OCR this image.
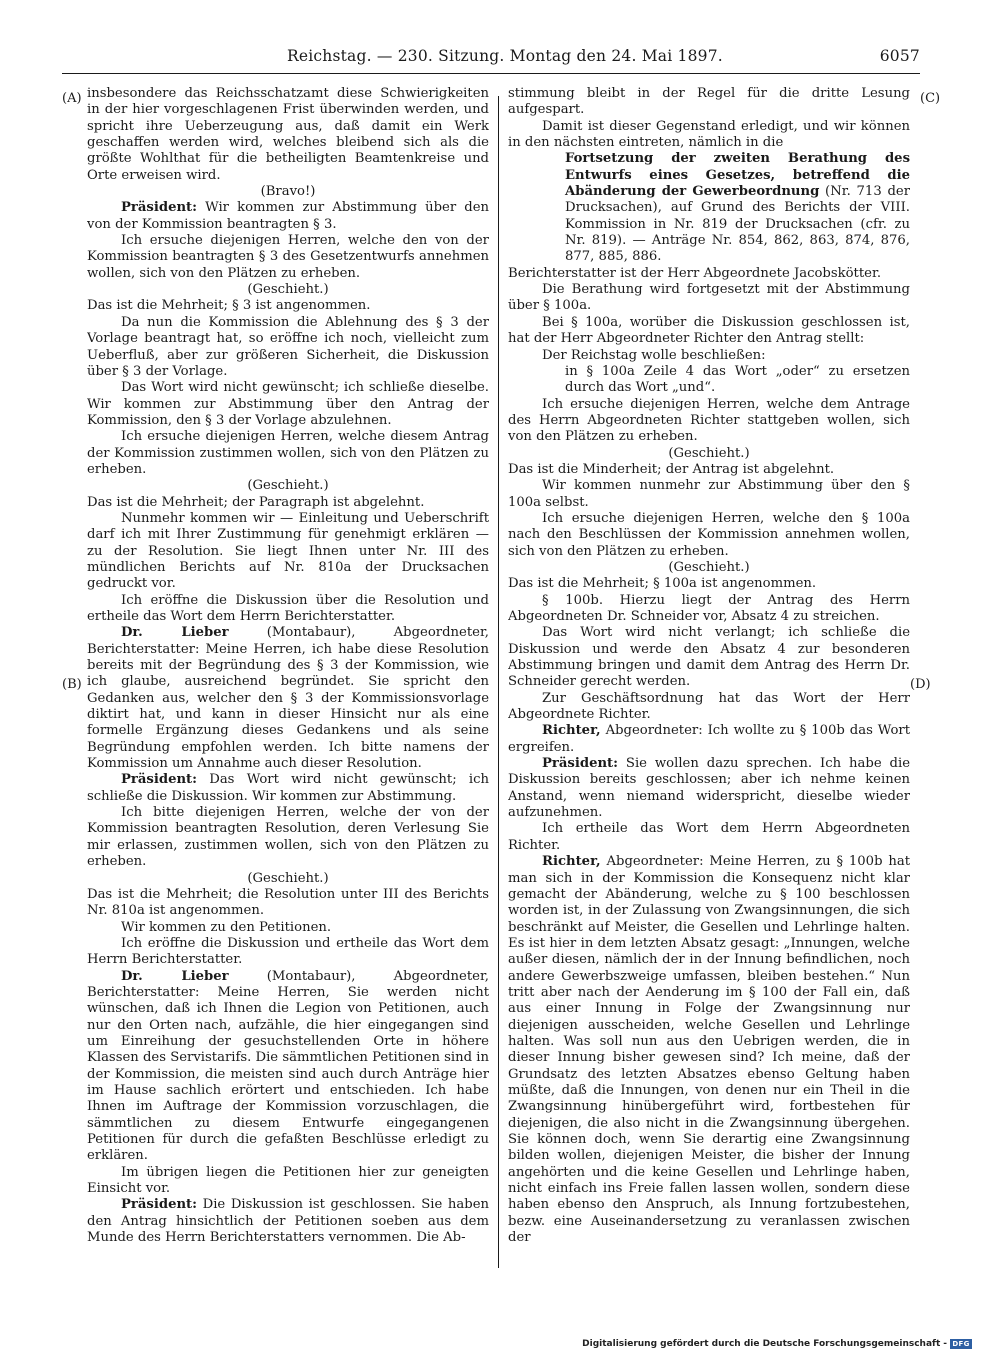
Reichstag. — 230. Sitzung. Montag den 24. Mai 1897.	6057
(A)
(B)
(C)
(D)

insbesondere das Reichsschatzamt diese Schwierigkeiten in der hier vorgeschlagenen Frist überwinden werden, und spricht ihre Ueberzeugung aus, daß damit ein Werk geschaffen werden wird, welches bleibend sich als die größte Wohlthat für die betheiligten Beamtenkreise und Orte erweisen wird.

(Bravo!)

Präsident: Wir kommen zur Abstimmung über den von der Kommission beantragten § 3.

Ich ersuche diejenigen Herren, welche den von der Kommission beantragten § 3 des Gesetzentwurfs annehmen wollen, sich von den Plätzen zu erheben.

(Geschieht.)

Das ist die Mehrheit; § 3 ist angenommen.

Da nun die Kommission die Ablehnung des § 3 der Vorlage beantragt hat, so eröffne ich noch, vielleicht zum Ueberfluß, aber zur größeren Sicherheit, die Diskussion über § 3 der Vorlage.

Das Wort wird nicht gewünscht; ich schließe dieselbe. Wir kommen zur Abstimmung über den Antrag der Kommission, den § 3 der Vorlage abzulehnen.

Ich ersuche diejenigen Herren, welche diesem Antrag der Kommission zustimmen wollen, sich von den Plätzen zu erheben.

(Geschieht.)

Das ist die Mehrheit; der Paragraph ist abgelehnt.

Nunmehr kommen wir — Einleitung und Ueberschrift darf ich mit Ihrer Zustimmung für genehmigt erklären — zu der Resolution. Sie liegt Ihnen unter Nr. III des mündlichen Berichts auf Nr. 810a der Drucksachen gedruckt vor.

Ich eröffne die Diskussion über die Resolution und ertheile das Wort dem Herrn Berichterstatter.

Dr. Lieber (Montabaur), Abgeordneter, Berichterstatter: Meine Herren, ich habe diese Resolution bereits mit der Begründung des § 3 der Kommission, wie ich glaube, ausreichend begründet. Sie spricht den Gedanken aus, welcher den § 3 der Kommissionsvorlage diktirt hat, und kann in dieser Hinsicht nur als eine formelle Ergänzung dieses Gedankens und als seine Begründung empfohlen werden. Ich bitte namens der Kommission um Annahme auch dieser Resolution.

Präsident: Das Wort wird nicht gewünscht; ich schließe die Diskussion. Wir kommen zur Abstimmung.

Ich bitte diejenigen Herren, welche der von der Kommission beantragten Resolution, deren Verlesung Sie mir erlassen, zustimmen wollen, sich von den Plätzen zu erheben.

(Geschieht.)

Das ist die Mehrheit; die Resolution unter III des Berichts Nr. 810a ist angenommen.

Wir kommen zu den Petitionen.

Ich eröffne die Diskussion und ertheile das Wort dem Herrn Berichterstatter.

Dr. Lieber (Montabaur), Abgeordneter, Berichterstatter: Meine Herren, Sie werden nicht wünschen, daß ich Ihnen die Legion von Petitionen, auch nur den Orten nach, aufzähle, die hier eingegangen sind um Einreihung der gesuchstellenden Orte in höhere Klassen des Servistarifs. Die sämmtlichen Petitionen sind in der Kommission, die meisten sind auch durch Anträge hier im Hause sachlich erörtert und entschieden. Ich habe Ihnen im Auftrage der Kommission vorzuschlagen, die sämmtlichen zu diesem Entwurfe eingegangenen Petitionen für durch die gefaßten Beschlüsse erledigt zu erklären.

Im übrigen liegen die Petitionen hier zur geneigten Einsicht vor.

Präsident: Die Diskussion ist geschlossen. Sie haben den Antrag hinsichtlich der Petitionen soeben aus dem Munde des Herrn Berichterstatters vernommen. Die Ab-

stimmung bleibt in der Regel für die dritte Lesung aufgespart.

Damit ist dieser Gegenstand erledigt, und wir können in den nächsten eintreten, nämlich in die

Fortsetzung der zweiten Berathung des Entwurfs eines Gesetzes, betreffend die Abänderung der Gewerbeordnung (Nr. 713 der Drucksachen), auf Grund des Berichts der VIII. Kommission in Nr. 819 der Drucksachen (cfr. zu Nr. 819). — Anträge Nr. 854, 862, 863, 874, 876, 877, 885, 886.

Berichterstatter ist der Herr Abgeordnete Jacobskötter.

Die Berathung wird fortgesetzt mit der Abstimmung über § 100a.

Bei § 100a, worüber die Diskussion geschlossen ist, hat der Herr Abgeordneter Richter den Antrag stellt:

Der Reichstag wolle beschließen:

in § 100a Zeile 4 das Wort „oder“ zu ersetzen durch das Wort „und“.

Ich ersuche diejenigen Herren, welche dem Antrage des Herrn Abgeordneten Richter stattgeben wollen, sich von den Plätzen zu erheben.

(Geschieht.)

Das ist die Minderheit; der Antrag ist abgelehnt.

Wir kommen nunmehr zur Abstimmung über den § 100a selbst.

Ich ersuche diejenigen Herren, welche den § 100a nach den Beschlüssen der Kommission annehmen wollen, sich von den Plätzen zu erheben.

(Geschieht.)

Das ist die Mehrheit; § 100a ist angenommen.

§ 100b. Hierzu liegt der Antrag des Herrn Abgeordneten Dr. Schneider vor, Absatz 4 zu streichen.

Das Wort wird nicht verlangt; ich schließe die Diskussion und werde den Absatz 4 zur besonderen Abstimmung bringen und damit dem Antrag des Herrn Dr. Schneider gerecht werden.

Zur Geschäftsordnung hat das Wort der Herr Abgeordnete Richter.

Richter, Abgeordneter: Ich wollte zu § 100b das Wort ergreifen.

Präsident: Sie wollen dazu sprechen. Ich habe die Diskussion bereits geschlossen; aber ich nehme keinen Anstand, wenn niemand widerspricht, dieselbe wieder aufzunehmen.

Ich ertheile das Wort dem Herrn Abgeordneten Richter.

Richter, Abgeordneter: Meine Herren, zu § 100b hat man sich in der Kommission die Konsequenz nicht klar gemacht der Abänderung, welche zu § 100 beschlossen worden ist, in der Zulassung von Zwangsinnungen, die sich beschränkt auf Meister, die Gesellen und Lehrlinge halten. Es ist hier in dem letzten Absatz gesagt: „Innungen, welche außer diesen, nämlich der in der Innung befindlichen, noch andere Gewerbszweige umfassen, bleiben bestehen.“ Nun tritt aber nach der Aenderung im § 100 der Fall ein, daß aus einer Innung in Folge der Zwangsinnung nur diejenigen ausscheiden, welche Gesellen und Lehrlinge halten. Was soll nun aus den Uebrigen werden, die in dieser Innung bisher gewesen sind? Ich meine, daß der Grundsatz des letzten Absatzes ebenso Geltung haben müßte, daß die Innungen, von denen nur ein Theil in die Zwangsinnung hinübergeführt wird, fortbestehen für diejenigen, die also nicht in die Zwangsinnung übergehen. Sie können doch, wenn Sie derartig eine Zwangsinnung bilden wollen, diejenigen Meister, die bisher der Innung angehörten und die keine Gesellen und Lehrlinge haben, nicht einfach ins Freie fallen lassen wollen, sondern diese haben ebenso den Anspruch, als Innung fortzubestehen, bezw. eine Auseinandersetzung zu veranlassen zwischen der

Digitalisierung gefördert durch die Deutsche Forschungsgemeinschaft - DFG
